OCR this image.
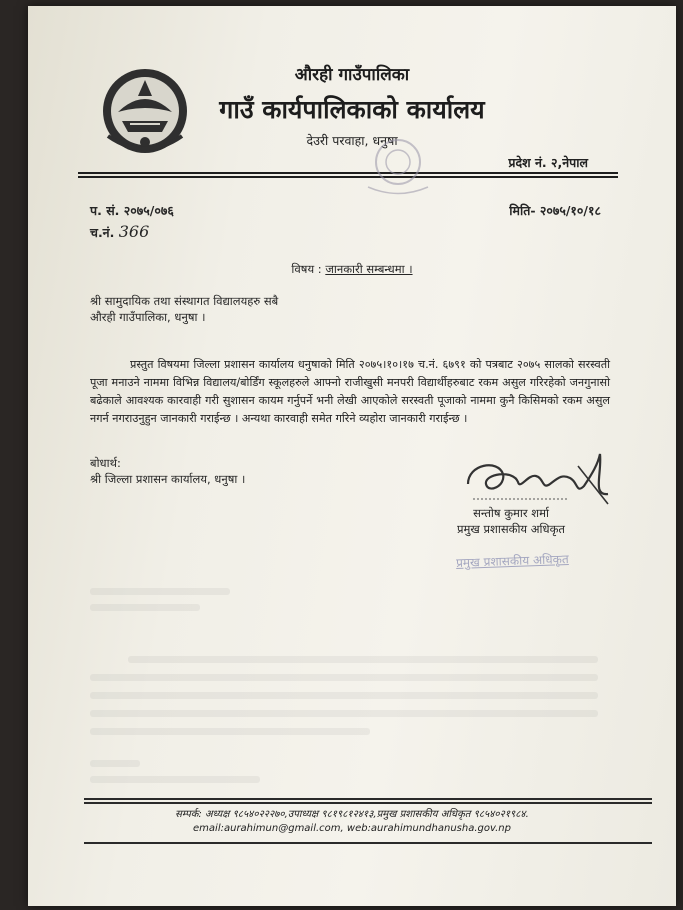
औरही गाउँपालिका
गाउँ कार्यपालिकाको कार्यालय
देउरी परवाहा, धनुषा
प्रदेश नं. २,नेपाल
प. सं. २०७५/०७६
च.नं. 366
मिति- २०७५/१०/१८
विषय : जानकारी सम्बन्धमा ।
श्री सामुदायिक तथा संस्थागत विद्यालयहरु सबै
औरही गाउँपालिका, धनुषा ।
प्रस्तुत विषयमा जिल्ला प्रशासन कार्यालय धनुषाको मिति २०७५।१०।१७ च.नं. ६७९१ को पत्रबाट २०७५ सालको सरस्वती पूजा मनाउने नाममा विभिन्न विद्यालय/बोर्डिंग स्कूलहरुले आफ्नो राजीखुसी मनपरी विद्यार्थीहरुबाट रकम असुल गरिरहेको जनगुनासो बढेकाले आवश्यक कारवाही गरी सुशासन कायम गर्नुपर्ने भनी लेखी आएकोले सरस्वती पूजाको नाममा कुनै किसिमको रकम असुल नगर्न नगराउनुहुन जानकारी गराईन्छ । अन्यथा कारवाही समेत गरिने व्यहोरा जानकारी गराईन्छ ।
बोधार्थ:
श्री जिल्ला प्रशासन कार्यालय, धनुषा ।
सन्तोष कुमार शर्मा
प्रमुख प्रशासकीय अधिकृत
प्रमुख प्रशासकीय अधिकृत
सम्पर्क: अध्यक्ष ९८५४०२२२७०,उपाध्यक्ष ९८१९८१२४१३,प्रमुख प्रशासकीय अधिकृत ९८५४०२१९८४.
email:aurahimun@gmail.com, web:aurahimundhanusha.gov.np
